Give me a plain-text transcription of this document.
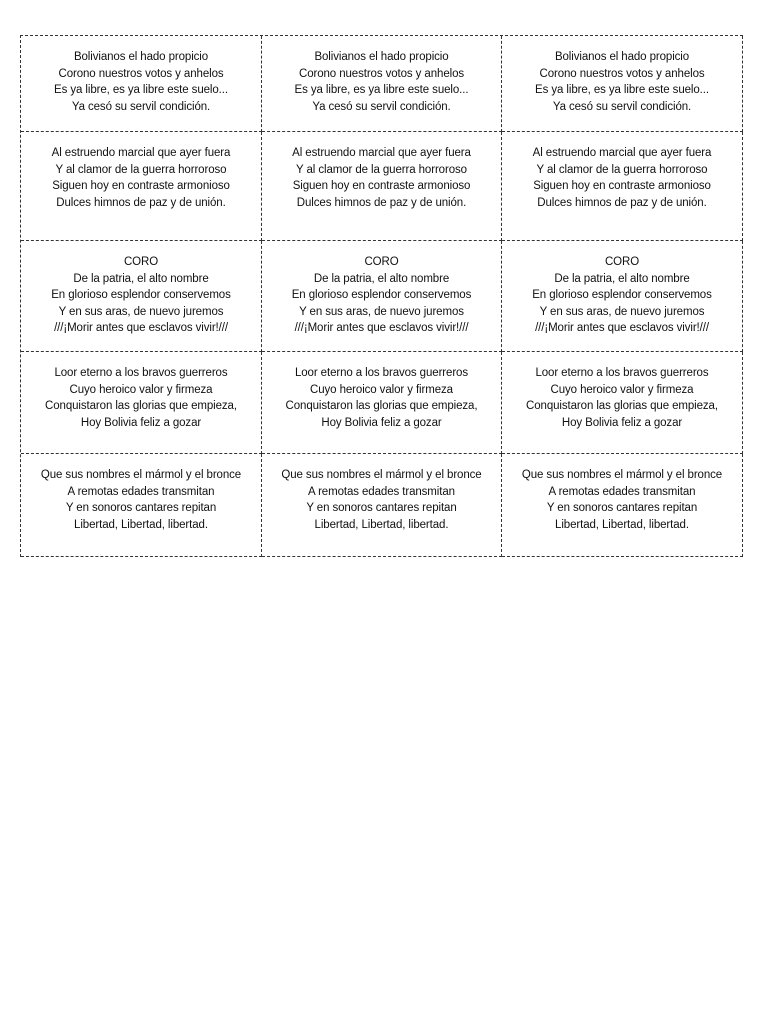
Bolivianos el hado propicio
Corono nuestros votos y anhelos
Es ya libre, es ya libre este suelo...
Ya cesó su servil condición.
Bolivianos el hado propicio
Corono nuestros votos y anhelos
Es ya libre, es ya libre este suelo...
Ya cesó su servil condición.
Bolivianos el hado propicio
Corono nuestros votos y anhelos
Es ya libre, es ya libre este suelo...
Ya cesó su servil condición.
Al estruendo marcial que ayer fuera
Y al clamor de la guerra horroroso
Siguen hoy en contraste armonioso
Dulces himnos de paz y de unión.
Al estruendo marcial que ayer fuera
Y al clamor de la guerra horroroso
Siguen hoy en contraste armonioso
Dulces himnos de paz y de unión.
Al estruendo marcial que ayer fuera
Y al clamor de la guerra horroroso
Siguen hoy en contraste armonioso
Dulces himnos de paz y de unión.
CORO
De la patria, el alto nombre
En glorioso esplendor conservemos
Y en sus aras, de nuevo juremos
///¡Morir antes que esclavos vivir!///
CORO
De la patria, el alto nombre
En glorioso esplendor conservemos
Y en sus aras, de nuevo juremos
///¡Morir antes que esclavos vivir!///
CORO
De la patria, el alto nombre
En glorioso esplendor conservemos
Y en sus aras, de nuevo juremos
///¡Morir antes que esclavos vivir!///
Loor eterno a los bravos guerreros
Cuyo heroico valor y firmeza
Conquistaron las glorias que empieza,
Hoy Bolivia feliz a gozar
Loor eterno a los bravos guerreros
Cuyo heroico valor y firmeza
Conquistaron las glorias que empieza,
Hoy Bolivia feliz a gozar
Loor eterno a los bravos guerreros
Cuyo heroico valor y firmeza
Conquistaron las glorias que empieza,
Hoy Bolivia feliz a gozar
Que sus nombres el mármol y el bronce
A remotas edades transmitan
Y en sonoros cantares repitan
Libertad, Libertad, libertad.
Que sus nombres el mármol y el bronce
A remotas edades transmitan
Y en sonoros cantares repitan
Libertad, Libertad, libertad.
Que sus nombres el mármol y el bronce
A remotas edades transmitan
Y en sonoros cantares repitan
Libertad, Libertad, libertad.
